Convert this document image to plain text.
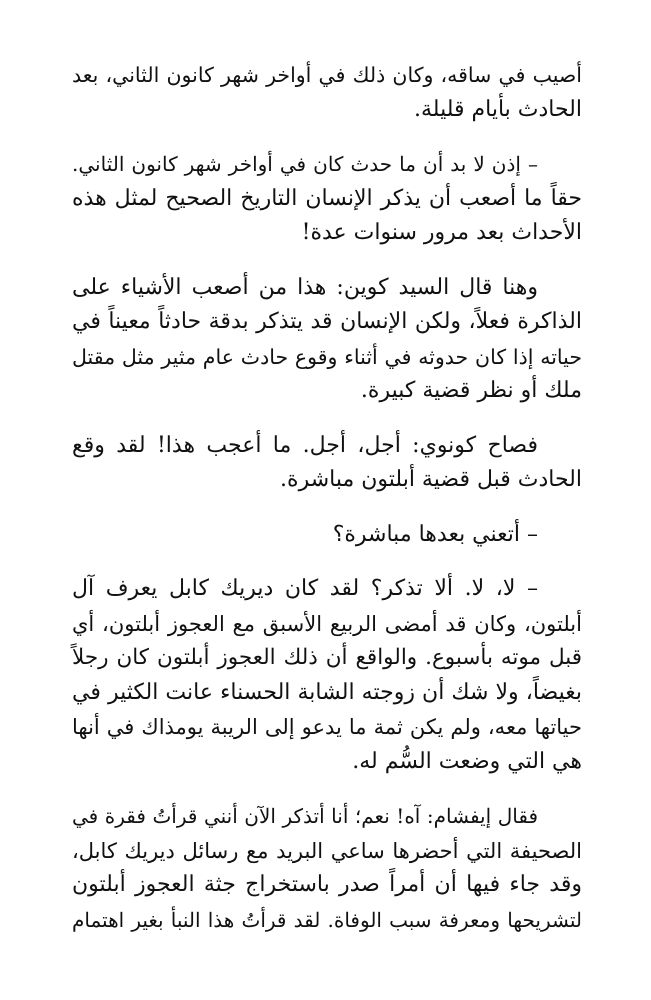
أصيب في ساقه، وكان ذلك في أواخر شهر كانون الثاني، بعد
الحادث بأيام قليلة.
– إذن لا بد أن ما حدث كان في أواخر شهر كانون الثاني.
حقاً ما أصعب أن يذكر الإنسان التاريخ الصحيح لمثل هذه
الأحداث بعد مرور سنوات عدة!
وهنا قال السيد كوين: هذا من أصعب الأشياء على
الذاكرة فعلاً، ولكن الإنسان قد يتذكر بدقة حادثاً معيناً في
حياته إذا كان حدوثه في أثناء وقوع حادث عام مثير مثل مقتل
ملك أو نظر قضية كبيرة.
فصاح كونوي: أجل، أجل. ما أعجب هذا! لقد وقع
الحادث قبل قضية أبلتون مباشرة.
– أتعني بعدها مباشرة؟
– لا، لا. ألا تذكر؟ لقد كان ديريك كابل يعرف آل
أبلتون، وكان قد أمضى الربيع الأسبق مع العجوز أبلتون، أي
قبل موته بأسبوع. والواقع أن ذلك العجوز أبلتون كان رجلاً
بغيضاً، ولا شك أن زوجته الشابة الحسناء عانت الكثير في
حياتها معه، ولم يكن ثمة ما يدعو إلى الريبة يومذاك في أنها
هي التي وضعت السُّم له.
فقال إيفشام: آه! نعم؛ أنا أتذكر الآن أنني قرأتُ فقرة في
الصحيفة التي أحضرها ساعي البريد مع رسائل ديريك كابل،
وقد جاء فيها أن أمراً صدر باستخراج جثة العجوز أبلتون
لتشريحها ومعرفة سبب الوفاة. لقد قرأتُ هذا النبأ بغير اهتمام
